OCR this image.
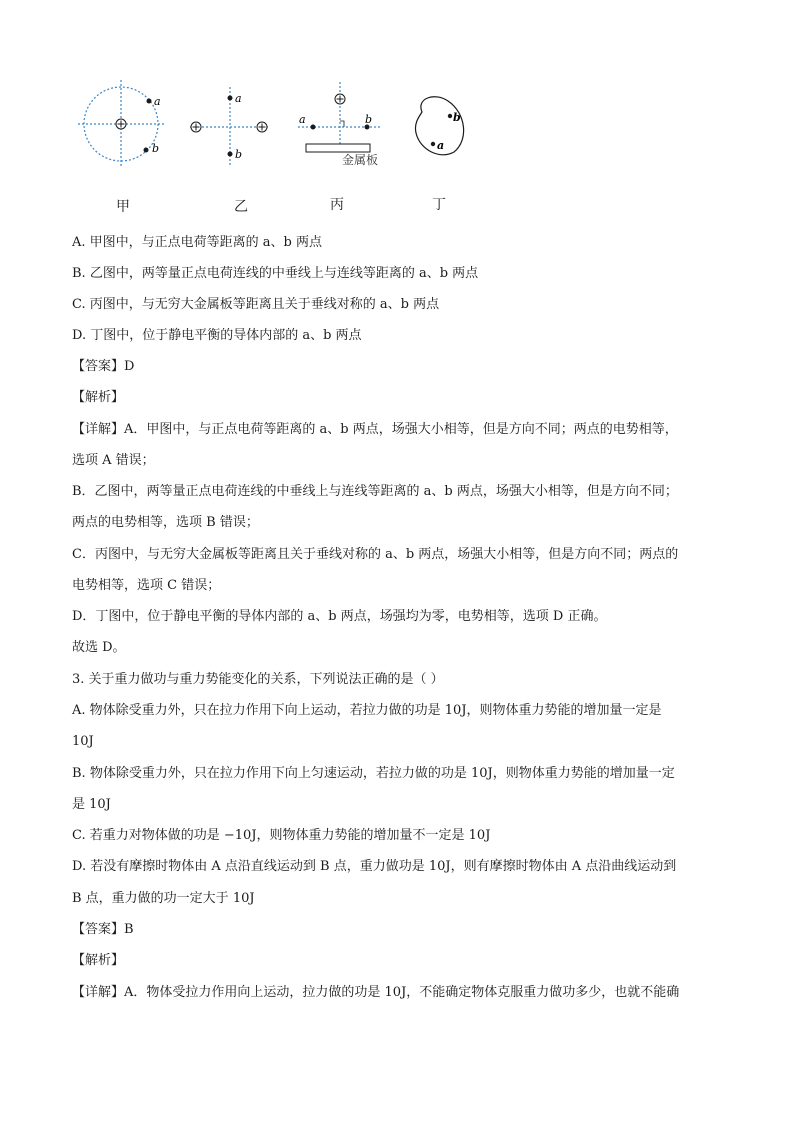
a
b
a
b
a	b
金属板
b
a
甲	乙	丙	丁
A. 甲图中，与正点电荷等距离的 a、b 两点
B. 乙图中，两等量正点电荷连线的中垂线上与连线等距离的 a、b 两点
C. 丙图中，与无穷大金属板等距离且关于垂线对称的 a、b 两点
D. 丁图中，位于静电平衡的导体内部的 a、b 两点
【答案】D
【解析】
【详解】A．甲图中，与正点电荷等距离的 a、b 两点，场强大小相等，但是方向不同；两点的电势相等，
选项 A 错误；
B．乙图中，两等量正点电荷连线的中垂线上与连线等距离的 a、b 两点，场强大小相等，但是方向不同；
两点的电势相等，选项 B 错误；
C．丙图中，与无穷大金属板等距离且关于垂线对称的 a、b 两点，场强大小相等，但是方向不同；两点的
电势相等，选项 C 错误；
D．丁图中，位于静电平衡的导体内部的 a、b 两点，场强均为零，电势相等，选项 D 正确。
故选 D。
3. 关于重力做功与重力势能变化的关系，下列说法正确的是（ ）
A. 物体除受重力外，只在拉力作用下向上运动，若拉力做的功是 10J，则物体重力势能的增加量一定是
10J
B. 物体除受重力外，只在拉力作用下向上匀速运动，若拉力做的功是 10J，则物体重力势能的增加量一定
是 10J
C. 若重力对物体做的功是 −10J，则物体重力势能的增加量不一定是 10J
D. 若没有摩擦时物体由 A 点沿直线运动到 B 点，重力做功是 10J，则有摩擦时物体由 A 点沿曲线运动到
B 点，重力做的功一定大于 10J
【答案】B
【解析】
【详解】A．物体受拉力作用向上运动，拉力做的功是 10J，不能确定物体克服重力做功多少，也就不能确
